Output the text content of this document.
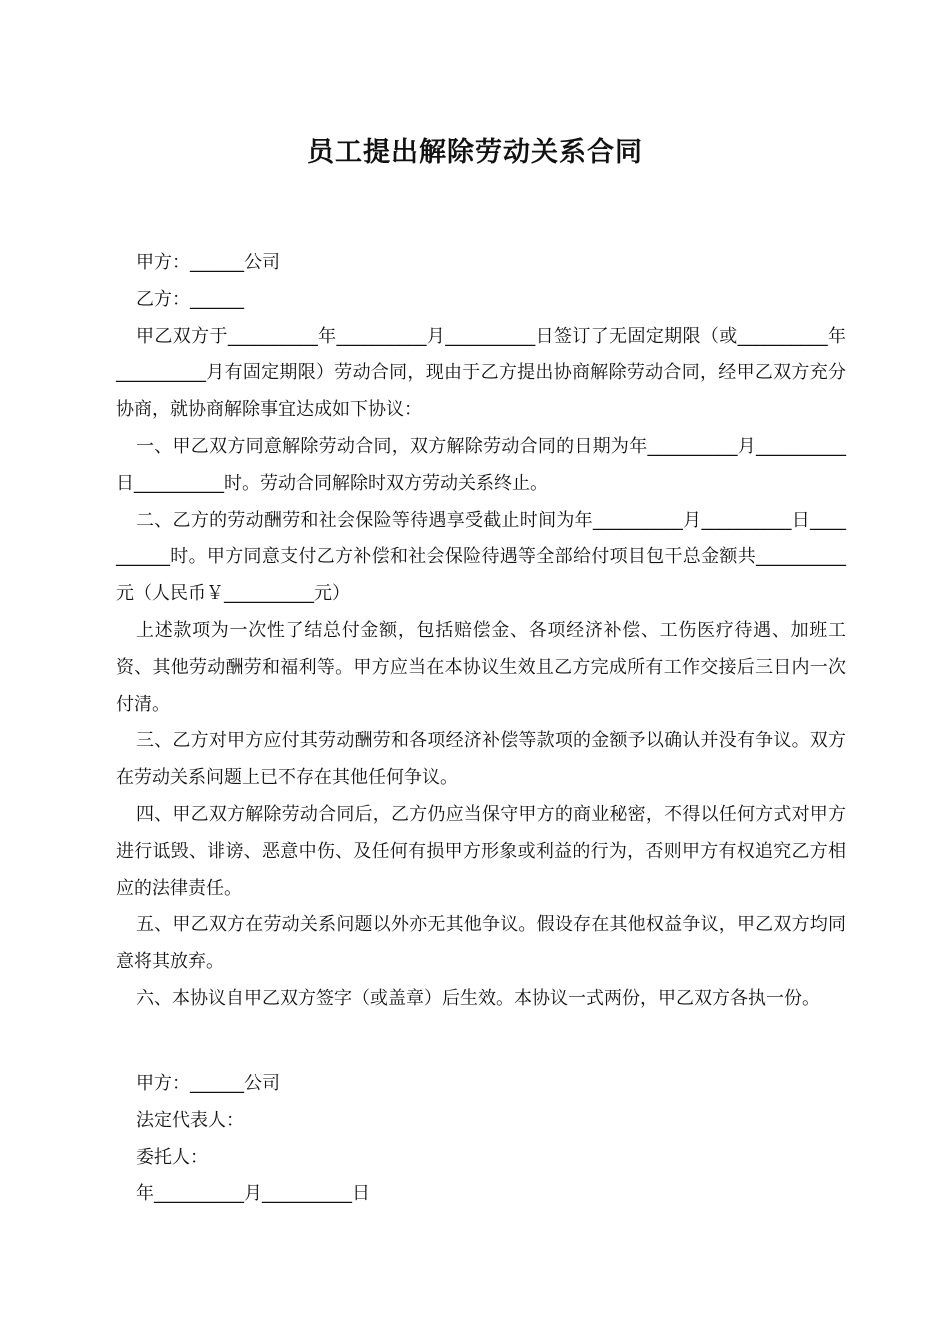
员工提出解除劳动关系合同

甲方：______公司

乙方：______

甲乙双方于__________年__________月__________日签订了无固定期限（或__________年__________月有固定期限）劳动合同，现由于乙方提出协商解除劳动合同，经甲乙双方充分协商，就协商解除事宜达成如下协议：

一、甲乙双方同意解除劳动合同，双方解除劳动合同的日期为年__________月__________日__________时。劳动合同解除时双方劳动关系终止。

二、乙方的劳动酬劳和社会保险等待遇享受截止时间为年__________月__________日__________时。甲方同意支付乙方补偿和社会保险待遇等全部给付项目包干总金额共__________元（人民币￥__________元）

上述款项为一次性了结总付金额，包括赔偿金、各项经济补偿、工伤医疗待遇、加班工资、其他劳动酬劳和福利等。甲方应当在本协议生效且乙方完成所有工作交接后三日内一次付清。

三、乙方对甲方应付其劳动酬劳和各项经济补偿等款项的金额予以确认并没有争议。双方在劳动关系问题上已不存在其他任何争议。

四、甲乙双方解除劳动合同后，乙方仍应当保守甲方的商业秘密，不得以任何方式对甲方进行诋毁、诽谤、恶意中伤、及任何有损甲方形象或利益的行为，否则甲方有权追究乙方相应的法律责任。

五、甲乙双方在劳动关系问题以外亦无其他争议。假设存在其他权益争议，甲乙双方均同意将其放弃。

六、本协议自甲乙双方签字（或盖章）后生效。本协议一式两份，甲乙双方各执一份。

甲方：______公司

法定代表人：

委托人：

年__________月__________日
